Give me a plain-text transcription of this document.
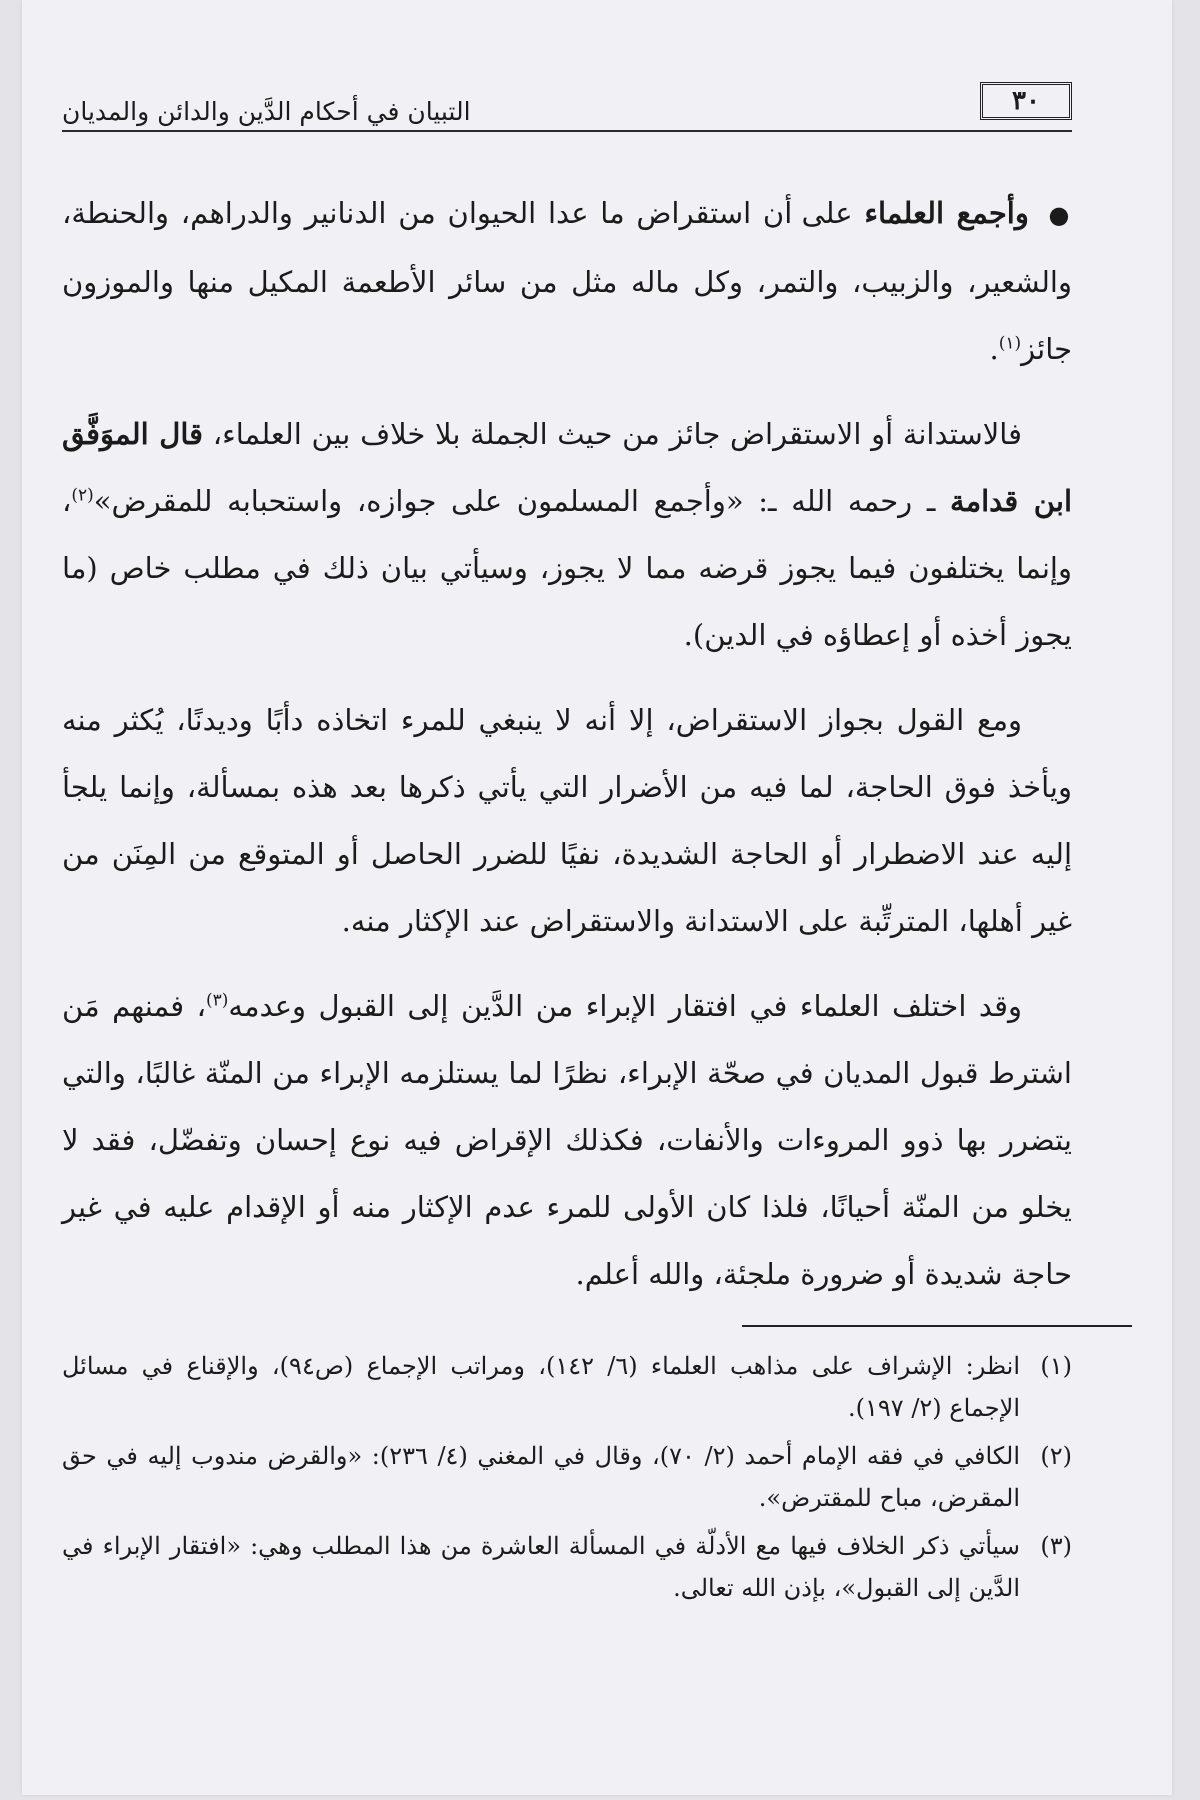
التبيان في أحكام الدَّين والدائن والمديان	٣٠

● وأجمع العلماء على أن استقراض ما عدا الحيوان من الدنانير والدراهم، والحنطة، والشعير، والزبيب، والتمر، وكل ماله مثل من سائر الأطعمة المكيل منها والموزون جائز$^{(١)}$.

فالاستدانة أو الاستقراض جائز من حيث الجملة بلا خلاف بين العلماء، قال الموَفَّق ابن قدامة ـ رحمه الله ـ: «وأجمع المسلمون على جوازه، واستحبابه للمقرض»$^{(٢)}$، وإنما يختلفون فيما يجوز قرضه مما لا يجوز، وسيأتي بيان ذلك في مطلب خاص (ما يجوز أخذه أو إعطاؤه في الدين).

ومع القول بجواز الاستقراض، إلا أنه لا ينبغي للمرء اتخاذه دأبًا وديدنًا، يُكثر منه ويأخذ فوق الحاجة، لما فيه من الأضرار التي يأتي ذكرها بعد هذه بمسألة، وإنما يلجأ إليه عند الاضطرار أو الحاجة الشديدة، نفيًا للضرر الحاصل أو المتوقع من المِنَن من غير أهلها، المترتِّبة على الاستدانة والاستقراض عند الإكثار منه.

وقد اختلف العلماء في افتقار الإبراء من الدَّين إلى القبول وعدمه$^{(٣)}$، فمنهم مَن اشترط قبول المديان في صحّة الإبراء، نظرًا لما يستلزمه الإبراء من المنّة غالبًا، والتي يتضرر بها ذوو المروءات والأنفات، فكذلك الإقراض فيه نوع إحسان وتفضّل، فقد لا يخلو من المنّة أحيانًا، فلذا كان الأولى للمرء عدم الإكثار منه أو الإقدام عليه في غير حاجة شديدة أو ضرورة ملجئة، والله أعلم.

(١)
انظر: الإشراف على مذاهب العلماء (٦/ ١٤٢)، ومراتب الإجماع (ص٩٤)، والإقناع في مسائل الإجماع (٢/ ١٩٧).
(٢)
الكافي في فقه الإمام أحمد (٢/ ٧٠)، وقال في المغني (٤/ ٢٣٦): «والقرض مندوب إليه في حق المقرض، مباح للمقترض».
(٣)
سيأتي ذكر الخلاف فيها مع الأدلّة في المسألة العاشرة من هذا المطلب وهي: «افتقار الإبراء في الدَّين إلى القبول»، بإذن الله تعالى.
